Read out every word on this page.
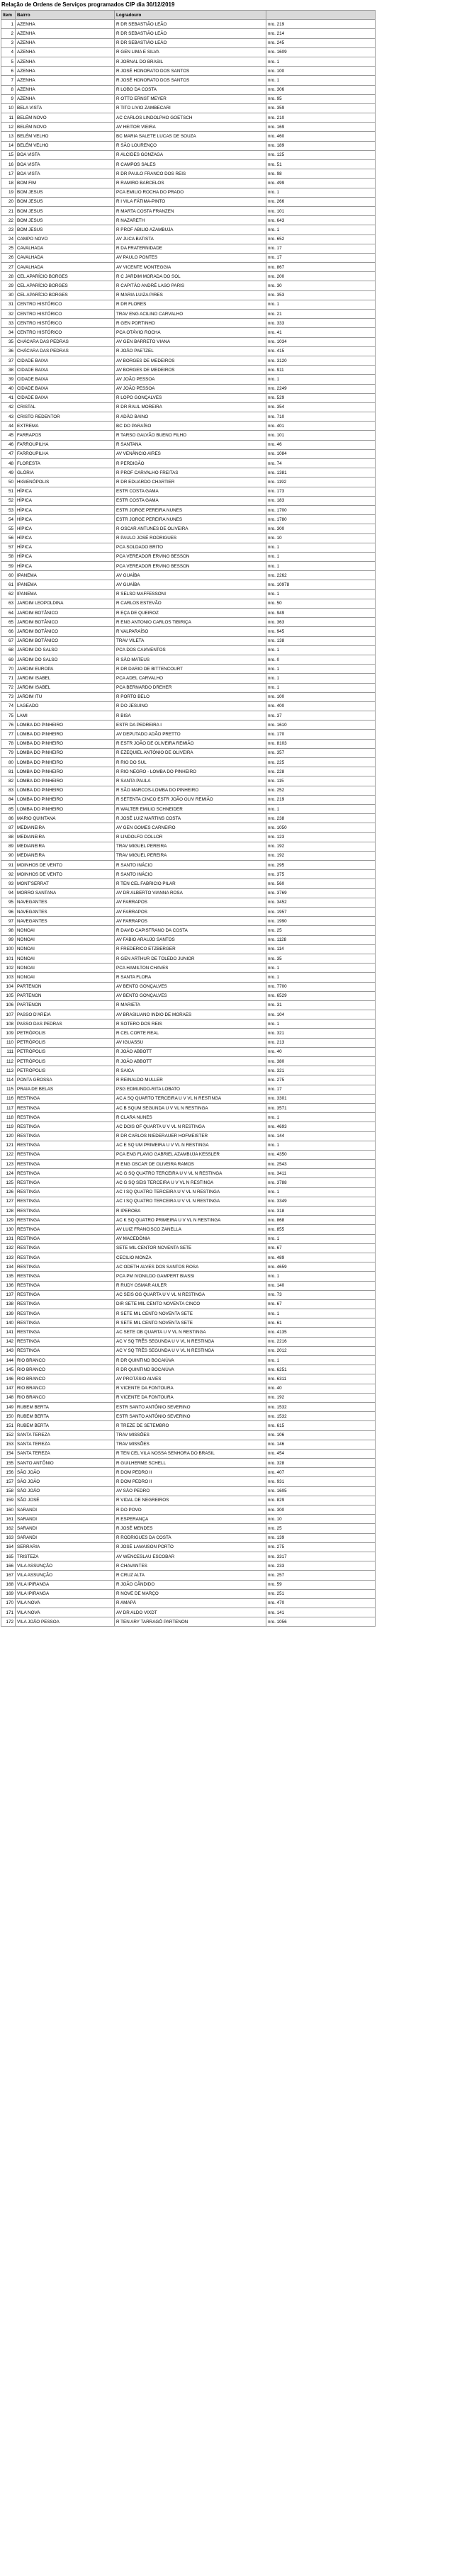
Relação de Ordens de Serviços programados CIP dia 30/12/2019
Item	Bairro	Logradouro	
1	AZENHA	R DR SEBASTIÃO LEÃO	nro. 219
2	AZENHA	R DR SEBASTIÃO LEÃO	nro. 214
3	AZENHA	R DR SEBASTIÃO LEÃO	nro. 245
4	AZENHA	R GEN LIMA E SILVA	nro. 1609
5	AZENHA	R JORNAL DO BRASIL	nro. 1
6	AZENHA	R JOSÉ HONORATO DOS SANTOS	nro. 100
7	AZENHA	R JOSÉ HONORATO DOS SANTOS	nro. 1
8	AZENHA	R LOBO DA COSTA	nro. 306
9	AZENHA	R OTTO ERNST MEYER	nro. 95
10	BELA VISTA	R TITO LIVIO ZAMBECARI	nro. 359
11	BELÉM NOVO	AC CARLOS LINDOLPHO GOETSCH	nro. 210
12	BELÉM NOVO	AV HEITOR VIEIRA	nro. 169
13	BELÉM VELHO	BC MARIA SALETE LUCAS DE SOUZA	nro. 460
14	BELÉM VELHO	R SÃO LOURENÇO	nro. 189
15	BOA VISTA	R ALCIDES GONZAGA	nro. 125
16	BOA VISTA	R CAMPOS SALES	nro. 51
17	BOA VISTA	R DR PAULO FRANCO DOS REIS	nro. 98
18	BOM FIM	R RAMIRO BARCELOS	nro. 499
19	BOM JESUS	PCA EMILIO ROCHA DO PRADO	nro. 1
20	BOM JESUS	R I VILA FÁTIMA-PINTO	nro. 266
21	BOM JESUS	R MARTA COSTA FRANZEN	nro. 101
22	BOM JESUS	R NAZARETH	nro. 643
23	BOM JESUS	R PROF ABILIO AZAMBUJA	nro. 1
24	CAMPO NOVO	AV JUCA BATISTA	nro. 652
25	CAVALHADA	R DA FRATERNIDADE	nro. 17
26	CAVALHADA	AV PAULO PONTES	nro. 17
27	CAVALHADA	AV VICENTE MONTEGGIA	nro. 867
28	CEL APARÍCIO BORGES	R C JARDIM MORADA DO SOL	nro. 200
29	CEL APARÍCIO BORGES	R CAPITÃO ANDRÉ LASO PARIS	nro. 30
30	CEL APARÍCIO BORGES	R MARIA LUIZA PIRES	nro. 353
31	CENTRO HISTÓRICO	R DR FLORES	nro. 1
32	CENTRO HISTÓRICO	TRAV ENG ACILINO CARVALHO	nro. 21
33	CENTRO HISTÓRICO	R GEN PORTINHO	nro. 333
34	CENTRO HISTÓRICO	PCA OTÁVIO ROCHA	nro. 41
35	CHÁCARA DAS PEDRAS	AV GEN BARRETO VIANA	nro. 1034
36	CHÁCARA DAS PEDRAS	R JOÃO PAETZEL	nro. 415
37	CIDADE BAIXA	AV BORGES DE MEDEIROS	nro. 3120
38	CIDADE BAIXA	AV BORGES DE MEDEIROS	nro. 911
39	CIDADE BAIXA	AV JOÃO PESSOA	nro. 1
40	CIDADE BAIXA	AV JOÃO PESSOA	nro. 2249
41	CIDADE BAIXA	R LOPO GONÇALVES	nro. 529
42	CRISTAL	R DR RAUL MOREIRA	nro. 354
43	CRISTO REDENTOR	R ADÃO BAINO	nro. 710
44	EXTREMA	BC DO PARAÍSO	nro. 401
45	FARRAPOS	R TARSO GALVÃO BUENO FILHO	nro. 101
46	FARROUPILHA	R SANTANA	nro. 46
47	FARROUPILHA	AV VENÂNCIO AIRES	nro. 1084
48	FLORESTA	R PERDIGÃO	nro. 74
49	GLÓRIA	R PROF CARVALHO FREITAS	nro. 1381
50	HIGIENÓPOLIS	R DR EDUARDO CHARTIER	nro. 1192
51	HÍPICA	ESTR COSTA GAMA	nro. 173
52	HÍPICA	ESTR COSTA GAMA	nro. 183
53	HÍPICA	ESTR JORGE PEREIRA NUNES	nro. 1700
54	HÍPICA	ESTR JORGE PEREIRA NUNES	nro. 1780
55	HÍPICA	R OSCAR ANTUNES DE OLIVEIRA	nro. 300
56	HÍPICA	R PAULO JOSÉ RODRIGUES	nro. 10
57	HÍPICA	PCA SOLDADO BRITO	nro. 1
58	HÍPICA	PCA VEREADOR ERVINO BESSON	nro. 1
59	HÍPICA	PCA VEREADOR ERVINO BESSON	nro. 1
60	IPANEMA	AV GUAÍBA	nro. 2262
61	IPANEMA	AV GUAÍBA	nro. 10978
62	IPANEMA	R SELSO MAFFESSONI	nro. 1
63	JARDIM LEOPOLDINA	R CARLOS ESTEVÃO	nro. 50
64	JARDIM BOTÂNICO	R EÇA DE QUEIROZ	nro. 949
65	JARDIM BOTÂNICO	R ENG ANTONIO CARLOS TIBIRIÇA	nro. 363
66	JARDIM BOTÂNICO	R VALPARAÍSO	nro. 945
67	JARDIM BOTÂNICO	TRAV VILETA	nro. 138
68	JARDIM DO SALSO	PCA DOS CAIAVENTOS	nro. 1
69	JARDIM DO SALSO	R SÃO MATEUS	nro. 0
70	JARDIM EUROPA	R DR DARIO DE BITTENCOURT	nro. 1
71	JARDIM ISABEL	PCA ADEL CARVALHO	nro. 1
72	JARDIM ISABEL	PCA BERNARDO DREHER	nro. 1
73	JARDIM ITU	R PORTO BELO	nro. 100
74	LAGEADO	R DO JESUINO	nro. 400
75	LAMI	R BISA	nro. 37
76	LOMBA DO PINHEIRO	ESTR DA PEDREIRA I	nro. 1610
77	LOMBA DO PINHEIRO	AV DEPUTADO ADÃO PRETTO	nro. 170
78	LOMBA DO PINHEIRO	R ESTR JOÃO DE OLIVEIRA REMIÃO	nro. 8103
79	LOMBA DO PINHEIRO	R EZEQUIEL ANTÔNIO DE OLIVEIRA	nro. 357
80	LOMBA DO PINHEIRO	R RIO DO SUL	nro. 225
81	LOMBA DO PINHEIRO	R RIO NEGRO - LOMBA DO PINHEIRO	nro. 228
82	LOMBA DO PINHEIRO	R SANTA PAULA	nro. 115
83	LOMBA DO PINHEIRO	R SÃO MARCOS-LOMBA DO PINHEIRO	nro. 252
84	LOMBA DO PINHEIRO	R SETENTA CINCO ESTR JOÃO OLIV REMIÃO	nro. 219
85	LOMBA DO PINHEIRO	R WALTER EMILIO SCHNEIDER	nro. 1
86	MARIO QUINTANA	R JOSÉ LUIZ MARTINS COSTA	nro. 238
87	MEDIANEIRA	AV GEN GOMES CARNEIRO	nro. 1050
88	MEDIANEIRA	R LINDOLFO COLLOR	nro. 123
89	MEDIANEIRA	TRAV MIGUEL PEREIRA	nro. 192
90	MEDIANEIRA	TRAV MIGUEL PEREIRA	nro. 192
91	MOINHOS DE VENTO	R SANTO INÁCIO	nro. 295
92	MOINHOS DE VENTO	R SANTO INÁCIO	nro. 375
93	MONT'SERRAT	R TEN CEL FABRICIO PILAR	nro. 560
94	MORRO SANTANA	AV DR ALBERTO VIANNA ROSA	nro. 3769
95	NAVEGANTES	AV FARRAPOS	nro. 3452
96	NAVEGANTES	AV FARRAPOS	nro. 1957
97	NAVEGANTES	AV FARRAPOS	nro. 1990
98	NONOAI	R DAVID CAPISTRANO DA COSTA	nro. 25
99	NONOAI	AV FABIO ARAUJO SANTOS	nro. 1128
100	NONOAI	R FREDERICO ETZBERGER	nro. 114
101	NONOAI	R GEN ARTHUR DE TOLEDO JUNIOR	nro. 35
102	NONOAI	PCA HAMILTON CHAVES	nro. 1
103	NONOAI	R SANTA FLORA	nro. 1
104	PARTENON	AV BENTO GONÇALVES	nro. 7700
105	PARTENON	AV BENTO GONÇALVES	nro. 6529
106	PARTENON	R MARIETA	nro. 31
107	PASSO D'AREIA	AV BRASILIANO INDIO DE MORAES	nro. 104
108	PASSO DAS PEDRAS	R SOTERO DOS REIS	nro. 1
109	PETRÓPOLIS	R CEL CORTE REAL	nro. 321
110	PETRÓPOLIS	AV IGUASSU	nro. 213
111	PETRÓPOLIS	R JOÃO ABBOTT	nro. 40
112	PETRÓPOLIS	R JOÃO ABBOTT	nro. 380
113	PETRÓPOLIS	R SAICA	nro. 321
114	PONTA GROSSA	R REINALDO MULLER	nro. 275
115	PRAIA DE BELAS	PSG EDMUNDO-RITA LOBATO	nro. 17
116	RESTINGA	AC A SQ QUARTO TERCEIRA U V VL N RESTINGA	nro. 3301
117	RESTINGA	AC B SQUM SEGUNDA U V VL N RESTINGA	nro. 3571
118	RESTINGA	R CLARA NUNES	nro. 1
119	RESTINGA	AC DOIS OF QUARTA U V VL N RESTINGA	nro. 4693
120	RESTINGA	R DR CARLOS NIEDERAUER HOFMEISTER	nro. 144
121	RESTINGA	AC E SQ UM PRIMEIRA U V VL N RESTINGA	nro. 1
122	RESTINGA	PCA ENG FLAVIO GABRIEL AZAMBUJA KESSLER	nro. 4350
123	RESTINGA	R ENG OSCAR DE OLIVEIRA RAMOS	nro. 2543
124	RESTINGA	AC G SQ QUATRO TERCEIRA U V VL N RESTINGA	nro. 3411
125	RESTINGA	AC G SQ SEIS TERCEIRA U V VL N RESTINGA	nro. 3788
126	RESTINGA	AC I SQ QUATRO TERCEIRA U V VL N RESTINGA	nro. 1
127	RESTINGA	AC I SQ QUATRO TERCEIRA U V VL N RESTINGA	nro. 3349
128	RESTINGA	R IPEROBA	nro. 318
129	RESTINGA	AC K SQ QUATRO PRIMEIRA U V VL N RESTINGA	nro. 868
130	RESTINGA	AV LUIZ FRANCISCO ZANELLA	nro. 855
131	RESTINGA	AV MACEDÔNIA	nro. 1
132	RESTINGA	SETE MIL CENTOR NOVENTA SETE	nro. 67
133	RESTINGA	CECILIO MONZA	nro. 489
134	RESTINGA	AC ODETH ALVES DOS SANTOS ROSA	nro. 4659
135	RESTINGA	PCA PM IVONILDO GAMPERT BIASSI	nro. 1
136	RESTINGA	R RUDY OSMAR AULER	nro. 140
137	RESTINGA	AC SEIS OG QUARTA U V VL N RESTINGA	nro. 73
138	RESTINGA	DIR SETE MIL CENTO NOVENTA CINCO	nro. 67
139	RESTINGA	R SETE MIL CENTO NOVENTA SETE	nro. 1
140	RESTINGA	R SETE MIL CENTO NOVENTA SETE	nro. 61
141	RESTINGA	AC SETE OB QUARTA U V VL N RESTINGA	nro. 4135
142	RESTINGA	AC V SQ TRÊS SEGUNDA U V VL N RESTINGA	nro. 2216
143	RESTINGA	AC V SQ TRÊS SEGUNDA U V VL N RESTINGA	nro. 2012
144	RIO BRANCO	R DR QUINTINO BOCAIÚVA	nro. 1
145	RIO BRANCO	R DR QUINTINO BOCAIÚVA	nro. 6251
146	RIO BRANCO	AV PROTÁSIO ALVES	nro. 6311
147	RIO BRANCO	R VICENTE DA FONTOURA	nro. 40
148	RIO BRANCO	R VICENTE DA FONTOURA	nro. 192
149	RUBEM BERTA	ESTR SANTO ANTÔNIO SEVERINO	nro. 1532
150	RUBEM BERTA	ESTR SANTO ANTÔNIO SEVERINO	nro. 1532
151	RUBEM BERTA	R TREZE DE SETEMBRO	nro. 615
152	SANTA TEREZA	TRAV MISSÕES	nro. 106
153	SANTA TEREZA	TRAV MISSÕES	nro. 146
154	SANTA TEREZA	R TEN CEL VILA NOSSA SENHORA DO BRASIL	nro. 454
155	SANTO ANTÔNIO	R GUILHERME SCHELL	nro. 328
156	SÃO JOÃO	R DOM PEDRO II	nro. 407
157	SÃO JOÃO	R DOM PEDRO II	nro. 931
158	SÃO JOÃO	AV SÃO PEDRO	nro. 1605
159	SÃO JOSÉ	R VIDAL DE NEGREIROS	nro. 829
160	SARANDI	R DO POVO	nro. 300
161	SARANDI	R ESPERANÇA	nro. 10
162	SARANDI	R JOSÉ MENDES	nro. 25
163	SARANDI	R RODRIGUES DA COSTA	nro. 139
164	SERRARIA	R JOSÉ LAMAISON PORTO	nro. 275
165	TRISTEZA	AV WENCESLAU ESCOBAR	nro. 3317
166	VILA ASSUNÇÃO	R CHAVANTES	nro. 233
167	VILA ASSUNÇÃO	R CRUZ ALTA	nro. 257
168	VILA IPIRANGA	R JOÃO CÂNDIDO	nro. 59
169	VILA IPIRANGA	R NOVE DE MARÇO	nro. 251
170	VILA NOVA	R AMAPÁ	nro. 470
171	VILA NOVA	AV DR ALDO VIXDT	nro. 141
172	VILA JOÃO PESSOA	R TEN ARY TARRAGÔ PARTENON	nro. 1056
